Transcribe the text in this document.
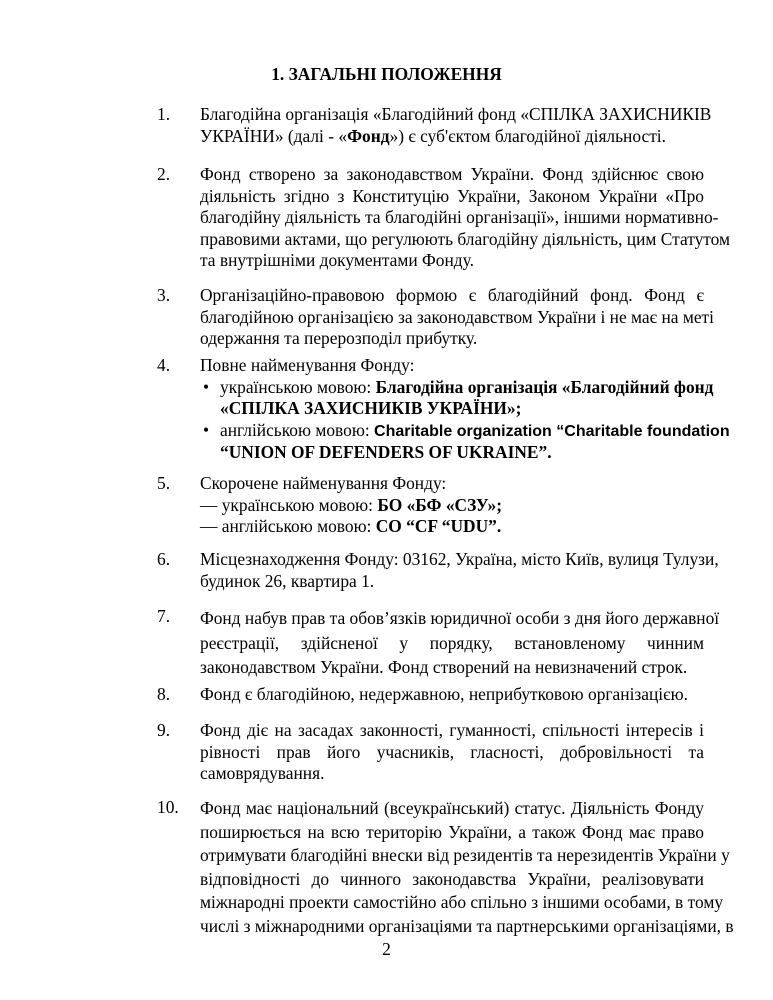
1. ЗАГАЛЬНІ ПОЛОЖЕННЯ
1. Благодійна організація «Благодійний фонд «СПІЛКА ЗАХИСНИКІВ
УКРАЇНИ» (далі - «Фонд») є суб'єктом благодійної діяльності.
2. Фонд створено за законодавством України. Фонд здійснює свою
діяльність згідно з Конституцію України, Законом України «Про
благодійну діяльність та благодійні організації», іншими нормативно-
правовими актами, що регулюють благодійну діяльність, цим Статутом
та внутрішніми документами Фонду.
3. Організаційно-правовою формою є благодійний фонд. Фонд є
благодійною організацією за законодавством України і не має на меті
одержання та перерозподіл прибутку.
4. Повне найменування Фонду:
• українською мовою: Благодійна організація «Благодійний фонд
«СПІЛКА ЗАХИСНИКІВ УКРАЇНИ»;
• англійською мовою: Charitable organization “Charitable foundation
“UNION OF DEFENDERS OF UKRAINE”.
5. Скорочене найменування Фонду:
— українською мовою: БО «БФ «СЗУ»;
— англійською мовою: CO “CF “UDU”.
6. Місцезнаходження Фонду: 03162, Україна, місто Київ, вулиця Тулузи,
будинок 26, квартира 1.
7. Фонд набув прав та обов’язків юридичної особи з дня його державної
реєстрації, здійсненої у порядку, встановленому чинним
законодавством України. Фонд створений на невизначений строк.
8. Фонд є благодійною, недержавною, неприбутковою організацією.
9. Фонд діє на засадах законності, гуманності, спільності інтересів і
рівності прав його учасників, гласності, добровільності та
самоврядування.
10. Фонд має національний (всеукраїнський) статус. Діяльність Фонду
поширюється на всю територію України, а також Фонд має право
отримувати благодійні внески від резидентів та нерезидентів України у
відповідності до чинного законодавства України, реалізовувати
міжнародні проекти самостійно або спільно з іншими особами, в тому
числі з міжнародними організаціями та партнерськими організаціями, в
2
